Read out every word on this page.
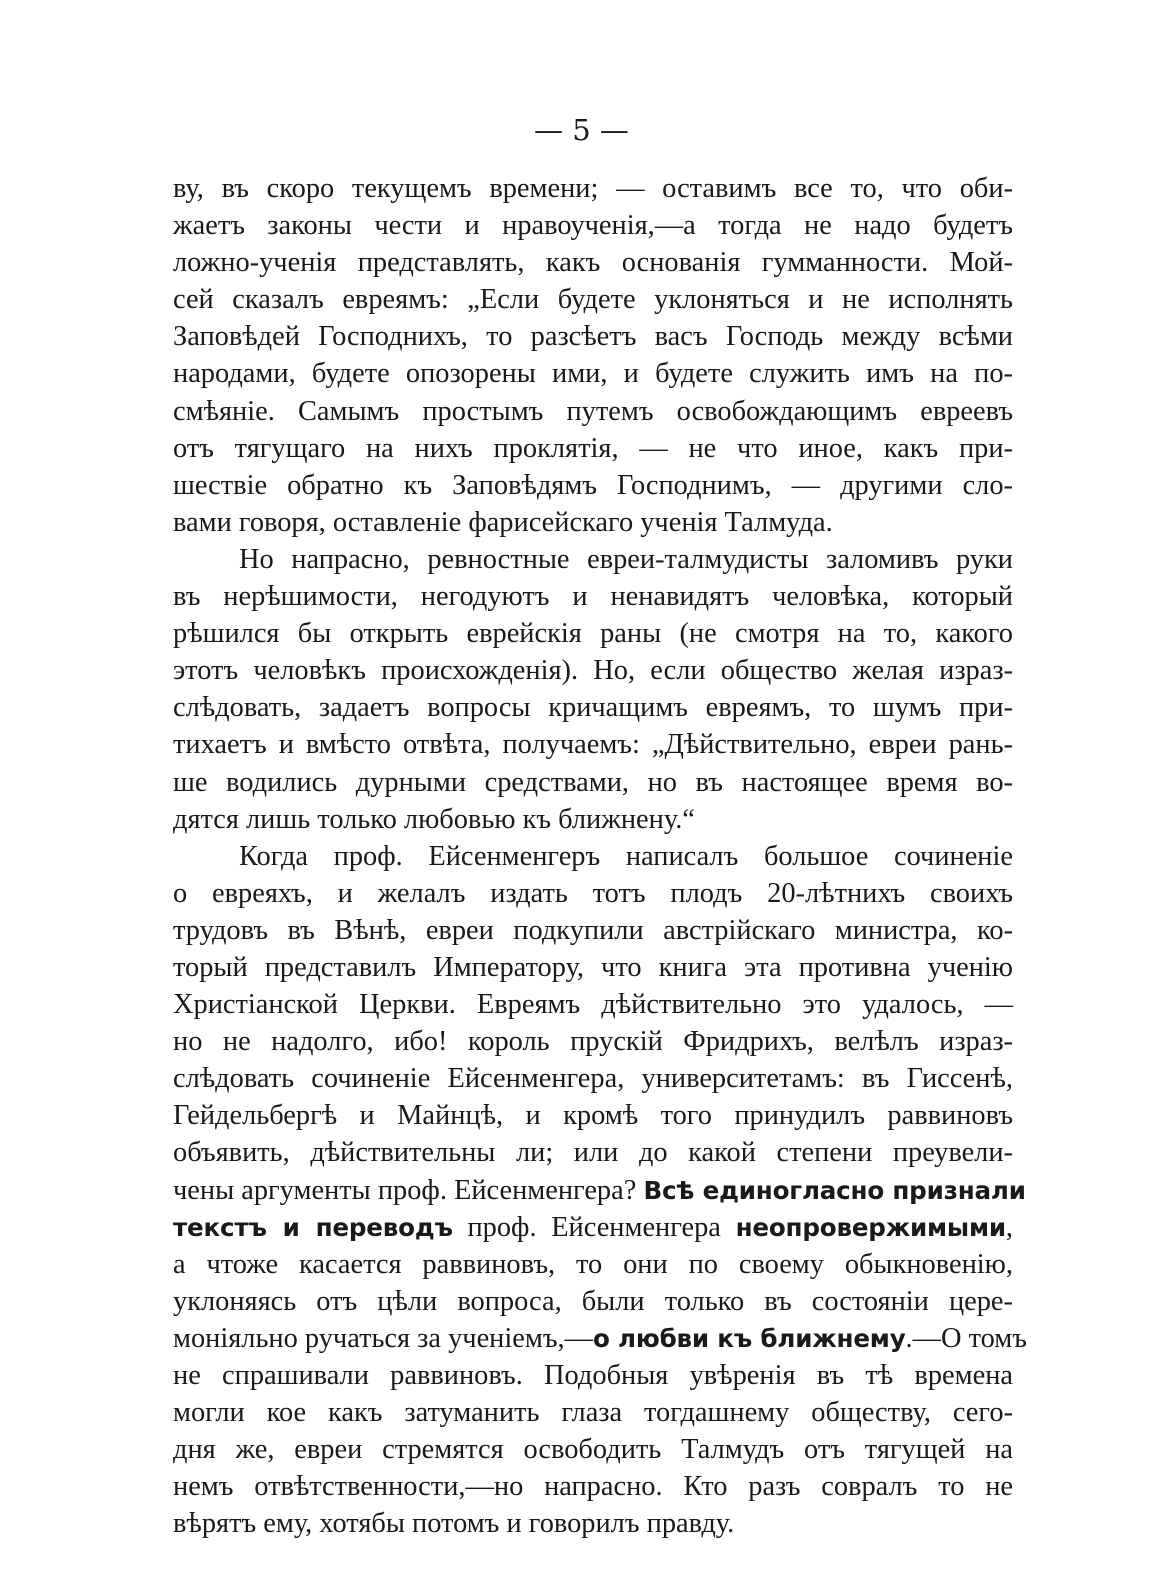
— 5 —
ву, въ скоро текущемъ времени; — оставимъ все то, что оби-
жаетъ законы чести и нравоученія,—а тогда не надо будетъ
ложно-ученія представлять, какъ основанія гумманности. Мой-
сей сказалъ евреямъ: „Если будете уклоняться и не исполнять
Заповѣдей Господнихъ, то разсѣетъ васъ Господь между всѣми
народами, будете опозорены ими, и будете служить имъ на по-
смѣяніе. Самымъ простымъ путемъ освобождающимъ евреевъ
отъ тягущаго на нихъ проклятія, — не что иное, какъ при-
шествіе обратно къ Заповѣдямъ Господнимъ, — другими сло-
вами говоря, оставленіе фарисейскаго ученія Талмуда.
Но напрасно, ревностные евреи-талмудисты заломивъ руки
въ нерѣшимости, негодуютъ и ненавидятъ человѣка, который
рѣшился бы открыть еврейскія раны (не смотря на то, какого
этотъ человѣкъ происхожденія). Но, если общество желая израз-
слѣдовать, задаетъ вопросы кричащимъ евреямъ, то шумъ при-
тихаетъ и вмѣсто отвѣта, получаемъ: „Дѣйствительно, евреи рань-
ше водились дурными средствами, но въ настоящее время во-
дятся лишь только любовью къ ближнену.“
Когда проф. Ейсенменгеръ написалъ большое сочиненіе
о евреяхъ, и желалъ издать тотъ плодъ 20-лѣтнихъ своихъ
трудовъ въ Вѣнѣ, евреи подкупили австрійскаго министра, ко-
торый представилъ Императору, что книга эта противна ученію
Христіанской Церкви. Евреямъ дѣйствительно это удалось, —
но не надолго, ибо! король прускій Фридрихъ, велѣлъ израз-
слѣдовать сочиненіе Ейсенменгера, университетамъ: въ Гиссенѣ,
Гейдельбергѣ и Майнцѣ, и кромѣ того принудилъ раввиновъ
объявить, дѣйствительны ли; или до какой степени преувели-
чены аргументы проф. Ейсенменгера? Всѣ единогласно признали
текстъ и переводъ проф. Ейсенменгера неопровержимыми,
а чтоже касается раввиновъ, то они по своему обыкновенію,
уклоняясь отъ цѣли вопроса, были только въ состояніи цере-
моніяльно ручаться за ученіемъ,—о любви къ ближнему.—О томъ
не спрашивали раввиновъ. Подобныя увѣренія въ тѣ времена
могли кое какъ затуманить глаза тогдашнему обществу, сего-
дня же, евреи стремятся освободить Талмудъ отъ тягущей на
немъ отвѣтственности,—но напрасно. Кто разъ совралъ то не
вѣрятъ ему, хотябы потомъ и говорилъ правду.
